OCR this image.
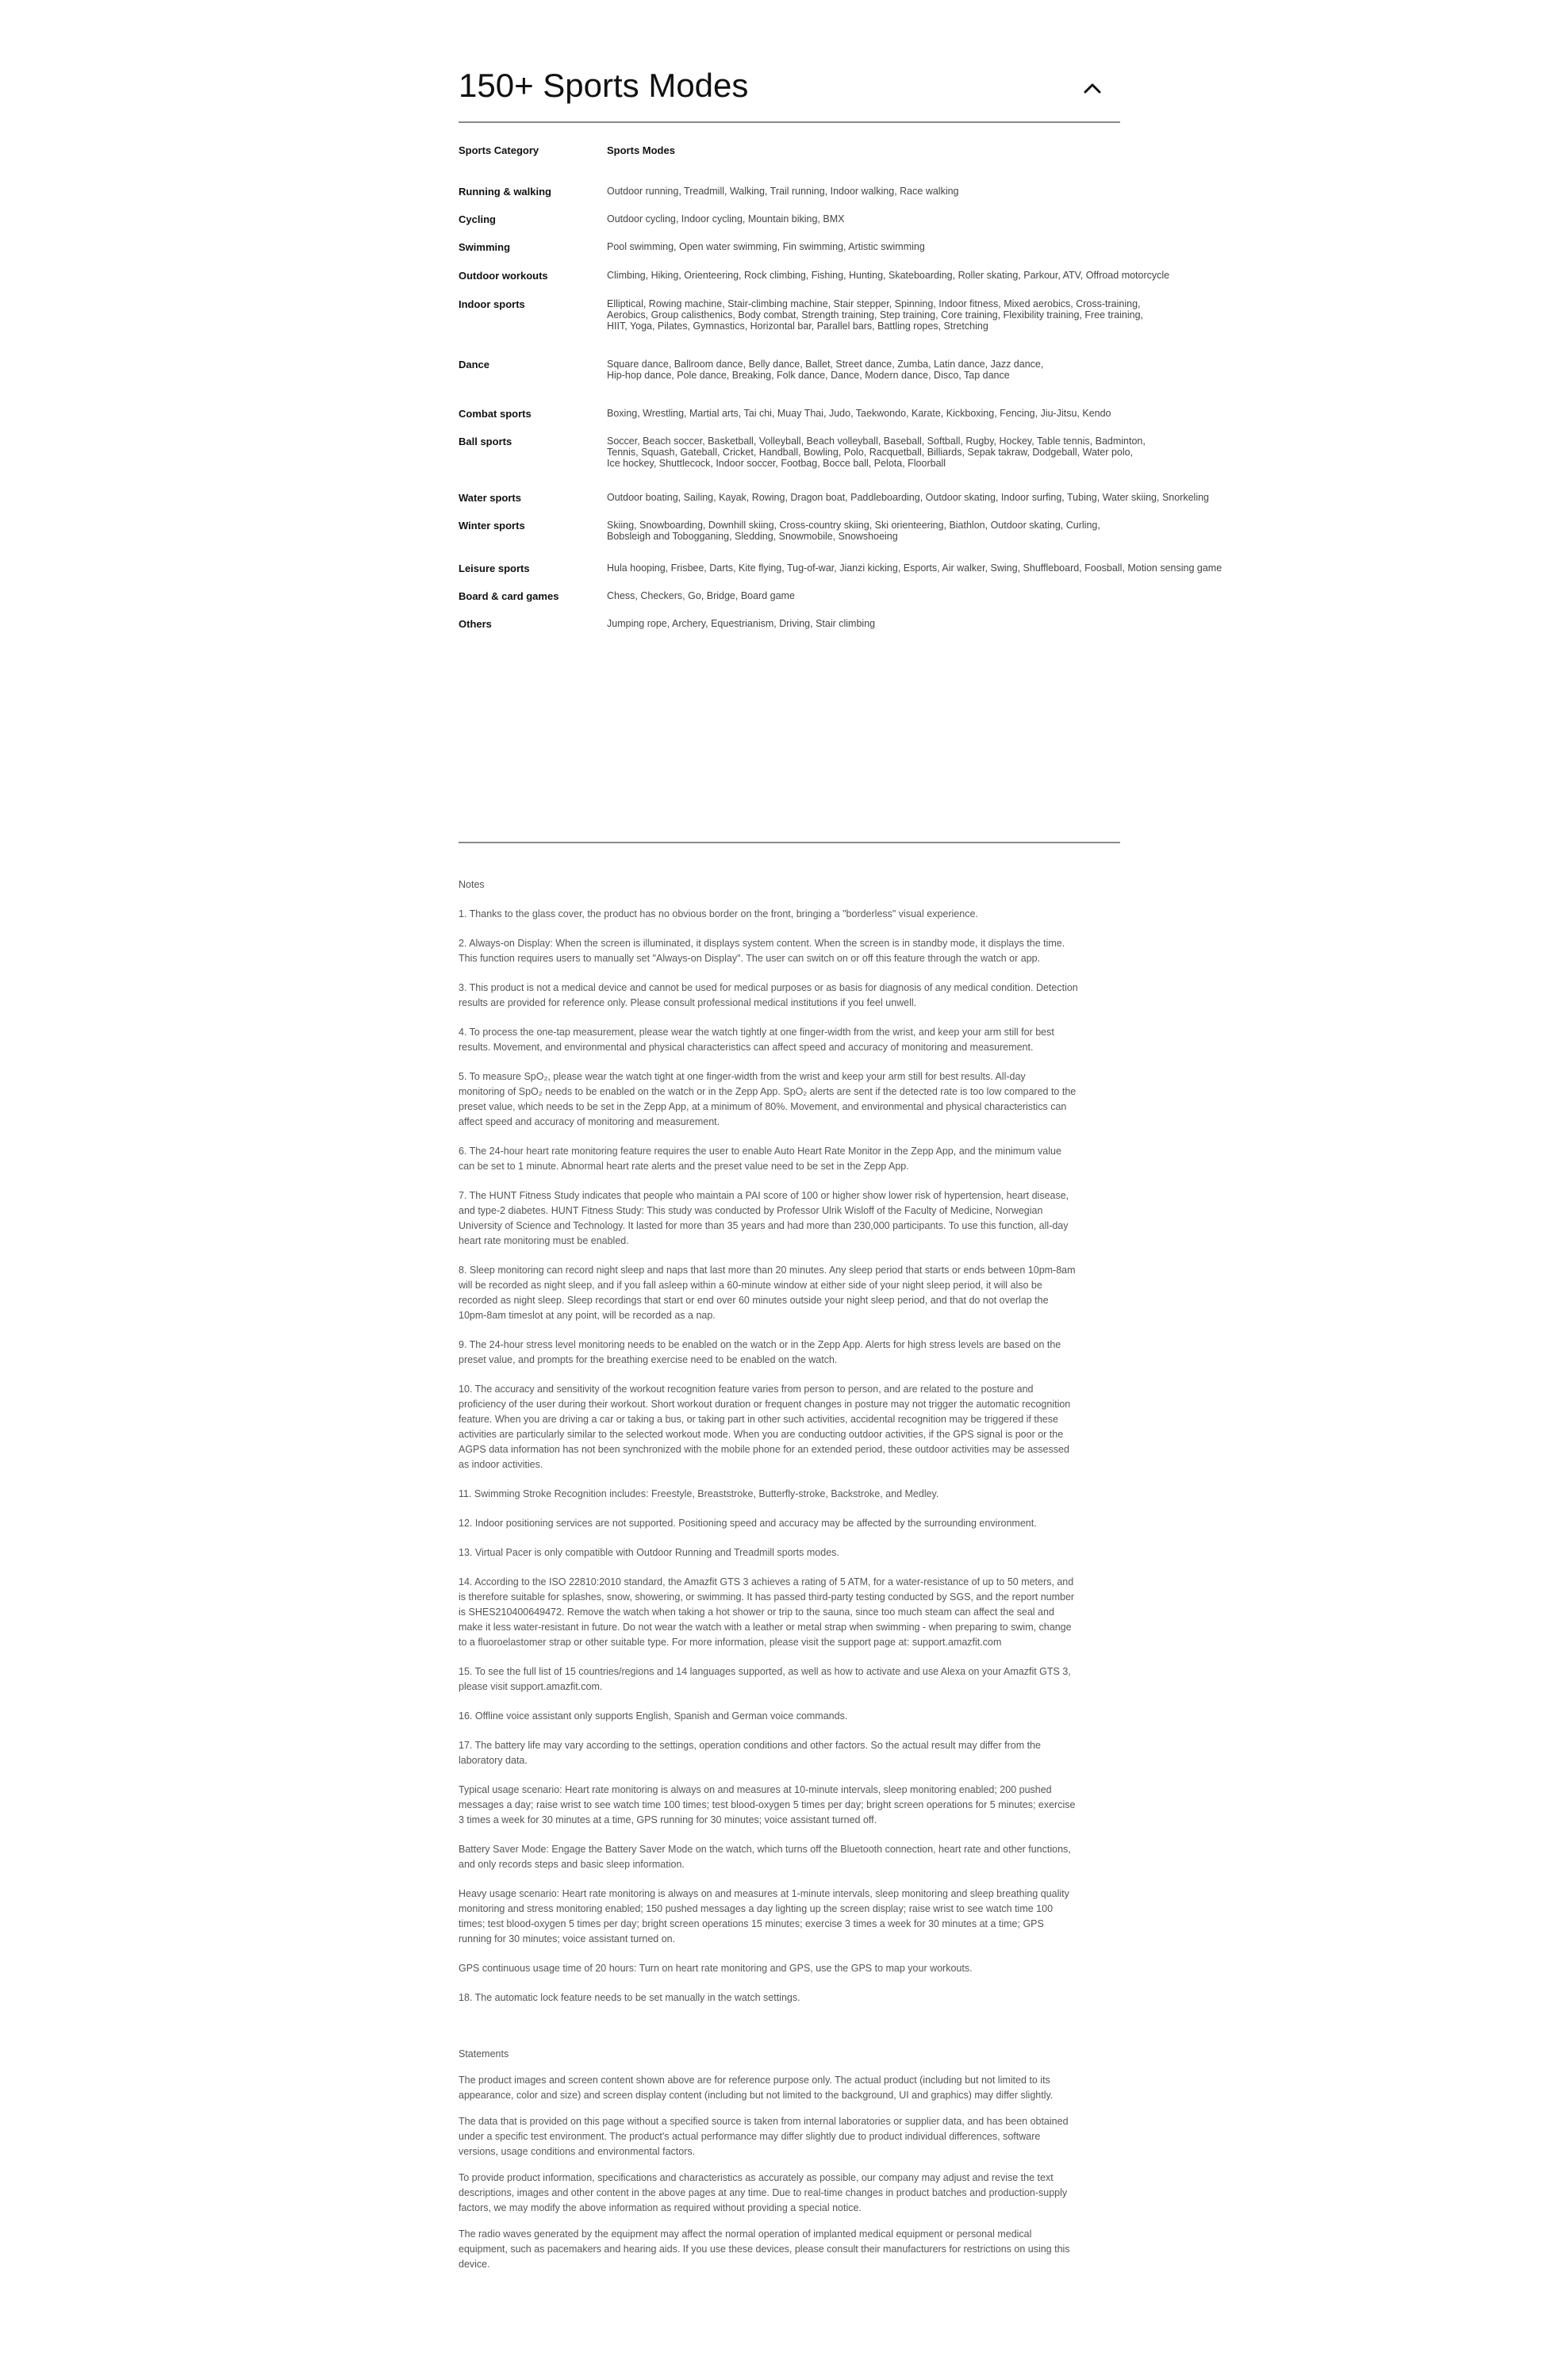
150+ Sports Modes
Sports Category	Sports Modes
Running & walking	Outdoor running, Treadmill, Walking, Trail running, Indoor walking, Race walking
Cycling	Outdoor cycling, Indoor cycling, Mountain biking, BMX
Swimming	Pool swimming, Open water swimming, Fin swimming, Artistic swimming
Outdoor workouts	Climbing, Hiking, Orienteering, Rock climbing, Fishing, Hunting, Skateboarding, Roller skating, Parkour, ATV, Offroad motorcycle
Indoor sports	Elliptical, Rowing machine, Stair-climbing machine, Stair stepper, Spinning, Indoor fitness, Mixed aerobics, Cross-training,
Aerobics, Group calisthenics, Body combat, Strength training, Step training, Core training, Flexibility training, Free training,
HIIT, Yoga, Pilates, Gymnastics, Horizontal bar, Parallel bars, Battling ropes, Stretching
Dance	Square dance, Ballroom dance, Belly dance, Ballet, Street dance, Zumba, Latin dance, Jazz dance,
Hip-hop dance, Pole dance, Breaking, Folk dance, Dance, Modern dance, Disco, Tap dance
Combat sports	Boxing, Wrestling, Martial arts, Tai chi, Muay Thai, Judo, Taekwondo, Karate, Kickboxing, Fencing, Jiu-Jitsu, Kendo
Ball sports	Soccer, Beach soccer, Basketball, Volleyball, Beach volleyball, Baseball, Softball, Rugby, Hockey, Table tennis, Badminton,
Tennis, Squash, Gateball, Cricket, Handball, Bowling, Polo, Racquetball, Billiards, Sepak takraw, Dodgeball, Water polo,
Ice hockey, Shuttlecock, Indoor soccer, Footbag, Bocce ball, Pelota, Floorball
Water sports	Outdoor boating, Sailing, Kayak, Rowing, Dragon boat, Paddleboarding, Outdoor skating, Indoor surfing, Tubing, Water skiing, Snorkeling
Winter sports	Skiing, Snowboarding, Downhill skiing, Cross-country skiing, Ski orienteering, Biathlon, Outdoor skating, Curling,
Bobsleigh and Tobogganing, Sledding, Snowmobile, Snowshoeing
Leisure sports	Hula hooping, Frisbee, Darts, Kite flying, Tug-of-war, Jianzi kicking, Esports, Air walker, Swing, Shuffleboard, Foosball, Motion sensing game
Board & card games	Chess, Checkers, Go, Bridge, Board game
Others	Jumping rope, Archery, Equestrianism, Driving, Stair climbing

Notes

1. Thanks to the glass cover, the product has no obvious border on the front, bringing a "borderless" visual experience.

2. Always-on Display: When the screen is illuminated, it displays system content. When the screen is in standby mode, it displays the time.
This function requires users to manually set "Always-on Display". The user can switch on or off this feature through the watch or app.

3. This product is not a medical device and cannot be used for medical purposes or as basis for diagnosis of any medical condition. Detection
results are provided for reference only. Please consult professional medical institutions if you feel unwell.

4. To process the one-tap measurement, please wear the watch tightly at one finger-width from the wrist, and keep your arm still for best
results. Movement, and environmental and physical characteristics can affect speed and accuracy of monitoring and measurement.

5. To measure SpO₂, please wear the watch tight at one finger-width from the wrist and keep your arm still for best results. All-day
monitoring of SpO₂ needs to be enabled on the watch or in the Zepp App. SpO₂ alerts are sent if the detected rate is too low compared to the
preset value, which needs to be set in the Zepp App, at a minimum of 80%. Movement, and environmental and physical characteristics can
affect speed and accuracy of monitoring and measurement.

6. The 24-hour heart rate monitoring feature requires the user to enable Auto Heart Rate Monitor in the Zepp App, and the minimum value
can be set to 1 minute. Abnormal heart rate alerts and the preset value need to be set in the Zepp App.

7. The HUNT Fitness Study indicates that people who maintain a PAI score of 100 or higher show lower risk of hypertension, heart disease,
and type-2 diabetes. HUNT Fitness Study: This study was conducted by Professor Ulrik Wisloff of the Faculty of Medicine, Norwegian
University of Science and Technology. It lasted for more than 35 years and had more than 230,000 participants. To use this function, all-day
heart rate monitoring must be enabled.

8. Sleep monitoring can record night sleep and naps that last more than 20 minutes. Any sleep period that starts or ends between 10pm-8am
will be recorded as night sleep, and if you fall asleep within a 60-minute window at either side of your night sleep period, it will also be
recorded as night sleep. Sleep recordings that start or end over 60 minutes outside your night sleep period, and that do not overlap the
10pm-8am timeslot at any point, will be recorded as a nap.

9. The 24-hour stress level monitoring needs to be enabled on the watch or in the Zepp App. Alerts for high stress levels are based on the
preset value, and prompts for the breathing exercise need to be enabled on the watch.

10. The accuracy and sensitivity of the workout recognition feature varies from person to person, and are related to the posture and
proficiency of the user during their workout. Short workout duration or frequent changes in posture may not trigger the automatic recognition
feature. When you are driving a car or taking a bus, or taking part in other such activities, accidental recognition may be triggered if these
activities are particularly similar to the selected workout mode. When you are conducting outdoor activities, if the GPS signal is poor or the
AGPS data information has not been synchronized with the mobile phone for an extended period, these outdoor activities may be assessed
as indoor activities.

11. Swimming Stroke Recognition includes: Freestyle, Breaststroke, Butterfly-stroke, Backstroke, and Medley.

12. Indoor positioning services are not supported. Positioning speed and accuracy may be affected by the surrounding environment.

13. Virtual Pacer is only compatible with Outdoor Running and Treadmill sports modes.

14. According to the ISO 22810:2010 standard, the Amazfit GTS 3 achieves a rating of 5 ATM, for a water-resistance of up to 50 meters, and
is therefore suitable for splashes, snow, showering, or swimming. It has passed third-party testing conducted by SGS, and the report number
is SHES210400649472. Remove the watch when taking a hot shower or trip to the sauna, since too much steam can affect the seal and
make it less water-resistant in future. Do not wear the watch with a leather or metal strap when swimming - when preparing to swim, change
to a fluoroelastomer strap or other suitable type. For more information, please visit the support page at: support.amazfit.com

15. To see the full list of 15 countries/regions and 14 languages supported, as well as how to activate and use Alexa on your Amazfit GTS 3,
please visit support.amazfit.com.

16. Offline voice assistant only supports English, Spanish and German voice commands.

17. The battery life may vary according to the settings, operation conditions and other factors. So the actual result may differ from the
laboratory data.

Typical usage scenario: Heart rate monitoring is always on and measures at 10-minute intervals, sleep monitoring enabled; 200 pushed
messages a day; raise wrist to see watch time 100 times; test blood-oxygen 5 times per day; bright screen operations for 5 minutes; exercise
3 times a week for 30 minutes at a time, GPS running for 30 minutes; voice assistant turned off.

Battery Saver Mode: Engage the Battery Saver Mode on the watch, which turns off the Bluetooth connection, heart rate and other functions,
and only records steps and basic sleep information.

Heavy usage scenario: Heart rate monitoring is always on and measures at 1-minute intervals, sleep monitoring and sleep breathing quality
monitoring and stress monitoring enabled; 150 pushed messages a day lighting up the screen display; raise wrist to see watch time 100
times; test blood-oxygen 5 times per day; bright screen operations 15 minutes; exercise 3 times a week for 30 minutes at a time; GPS
running for 30 minutes; voice assistant turned on.

GPS continuous usage time of 20 hours: Turn on heart rate monitoring and GPS, use the GPS to map your workouts.

18. The automatic lock feature needs to be set manually in the watch settings.

Statements

The product images and screen content shown above are for reference purpose only. The actual product (including but not limited to its
appearance, color and size) and screen display content (including but not limited to the background, UI and graphics) may differ slightly.

The data that is provided on this page without a specified source is taken from internal laboratories or supplier data, and has been obtained
under a specific test environment. The product's actual performance may differ slightly due to product individual differences, software
versions, usage conditions and environmental factors.

To provide product information, specifications and characteristics as accurately as possible, our company may adjust and revise the text
descriptions, images and other content in the above pages at any time. Due to real-time changes in product batches and production-supply
factors, we may modify the above information as required without providing a special notice.

The radio waves generated by the equipment may affect the normal operation of implanted medical equipment or personal medical
equipment, such as pacemakers and hearing aids. If you use these devices, please consult their manufacturers for restrictions on using this
device.
